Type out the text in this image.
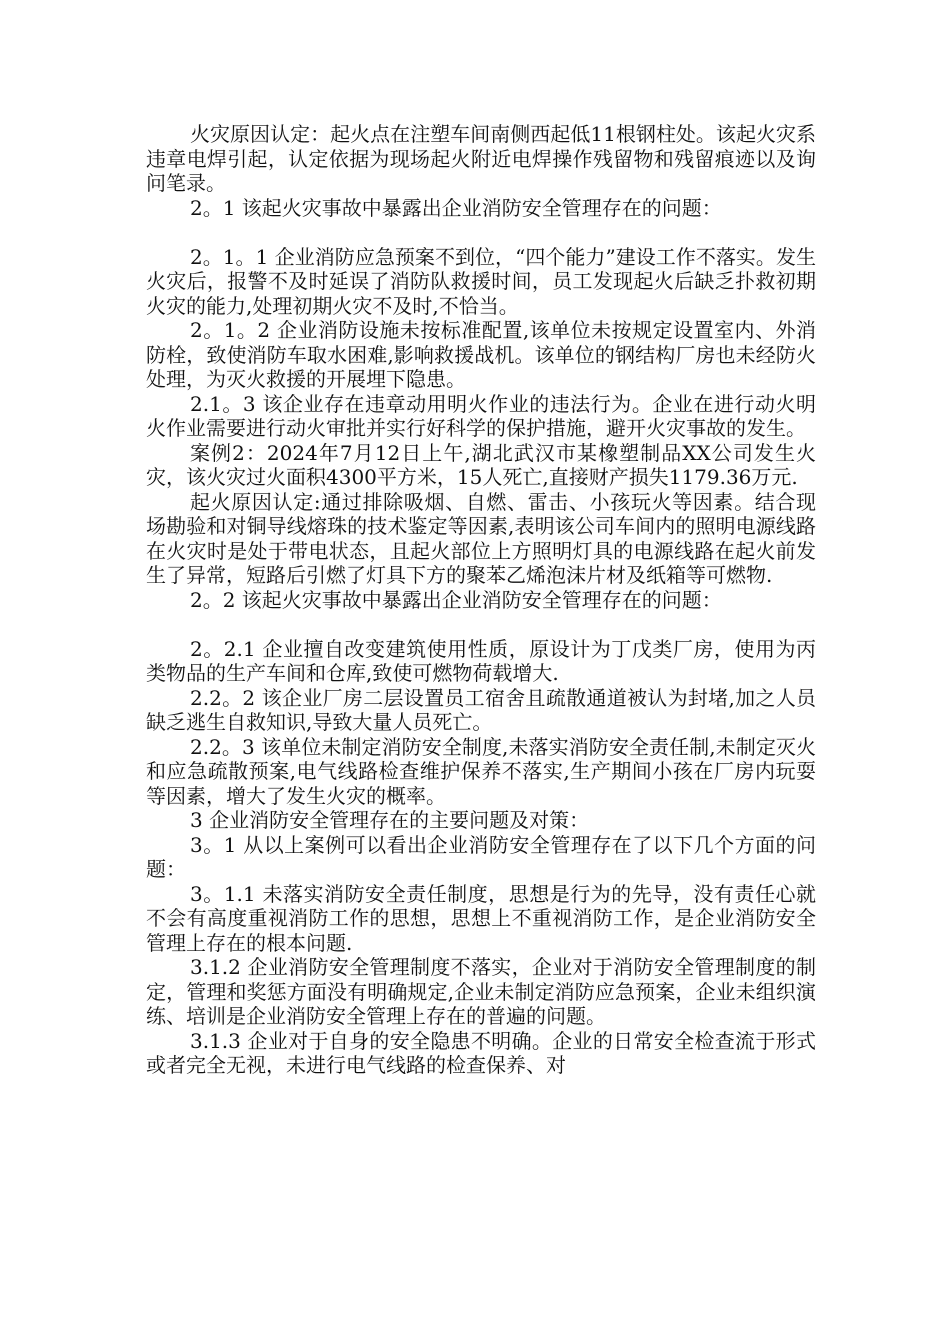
火灾原因认定：起火点在注塑车间南侧西起低11根钢柱处。该起火灾系违章电焊引起，认定依据为现场起火附近电焊操作残留物和残留痕迹以及询问笔录。

2。1 该起火灾事故中暴露出企业消防安全管理存在的问题：

2。1。1 企业消防应急预案不到位，“四个能力”建设工作不落实。发生火灾后，报警不及时延误了消防队救援时间，员工发现起火后缺乏扑救初期火灾的能力,处理初期火灾不及时,不恰当。

2。1。2 企业消防设施未按标准配置,该单位未按规定设置室内、外消防栓，致使消防车取水困难,影响救援战机。该单位的钢结构厂房也未经防火处理，为灭火救援的开展埋下隐患。

2.1。3 该企业存在违章动用明火作业的违法行为。企业在进行动火明火作业需要进行动火审批并实行好科学的保护措施，避开火灾事故的发生。

案例2：2024年7月12日上午,湖北武汉市某橡塑制品XX公司发生火灾，该火灾过火面积4300平方米，15人死亡,直接财产损失1179.36万元.

起火原因认定:通过排除吸烟、自燃、雷击、小孩玩火等因素。结合现场勘验和对铜导线熔珠的技术鉴定等因素,表明该公司车间内的照明电源线路在火灾时是处于带电状态，且起火部位上方照明灯具的电源线路在起火前发生了异常，短路后引燃了灯具下方的聚苯乙烯泡沫片材及纸箱等可燃物.

2。2 该起火灾事故中暴露出企业消防安全管理存在的问题：

2。2.1 企业擅自改变建筑使用性质，原设计为丁戊类厂房，使用为丙类物品的生产车间和仓库,致使可燃物荷载增大.

2.2。2 该企业厂房二层设置员工宿舍且疏散通道被认为封堵,加之人员缺乏逃生自救知识,导致大量人员死亡。

2.2。3 该单位未制定消防安全制度,未落实消防安全责任制,未制定灭火和应急疏散预案,电气线路检查维护保养不落实,生产期间小孩在厂房内玩耍等因素，增大了发生火灾的概率。

3 企业消防安全管理存在的主要问题及对策：

3。1 从以上案例可以看出企业消防安全管理存在了以下几个方面的问题：

3。1.1 未落实消防安全责任制度，思想是行为的先导，没有责任心就不会有高度重视消防工作的思想，思想上不重视消防工作，是企业消防安全管理上存在的根本问题.

3.1.2 企业消防安全管理制度不落实，企业对于消防安全管理制度的制定，管理和奖惩方面没有明确规定,企业未制定消防应急预案，企业未组织演练、培训是企业消防安全管理上存在的普遍的问题。

3.1.3 企业对于自身的安全隐患不明确。企业的日常安全检查流于形式或者完全无视，未进行电气线路的检查保养、对
